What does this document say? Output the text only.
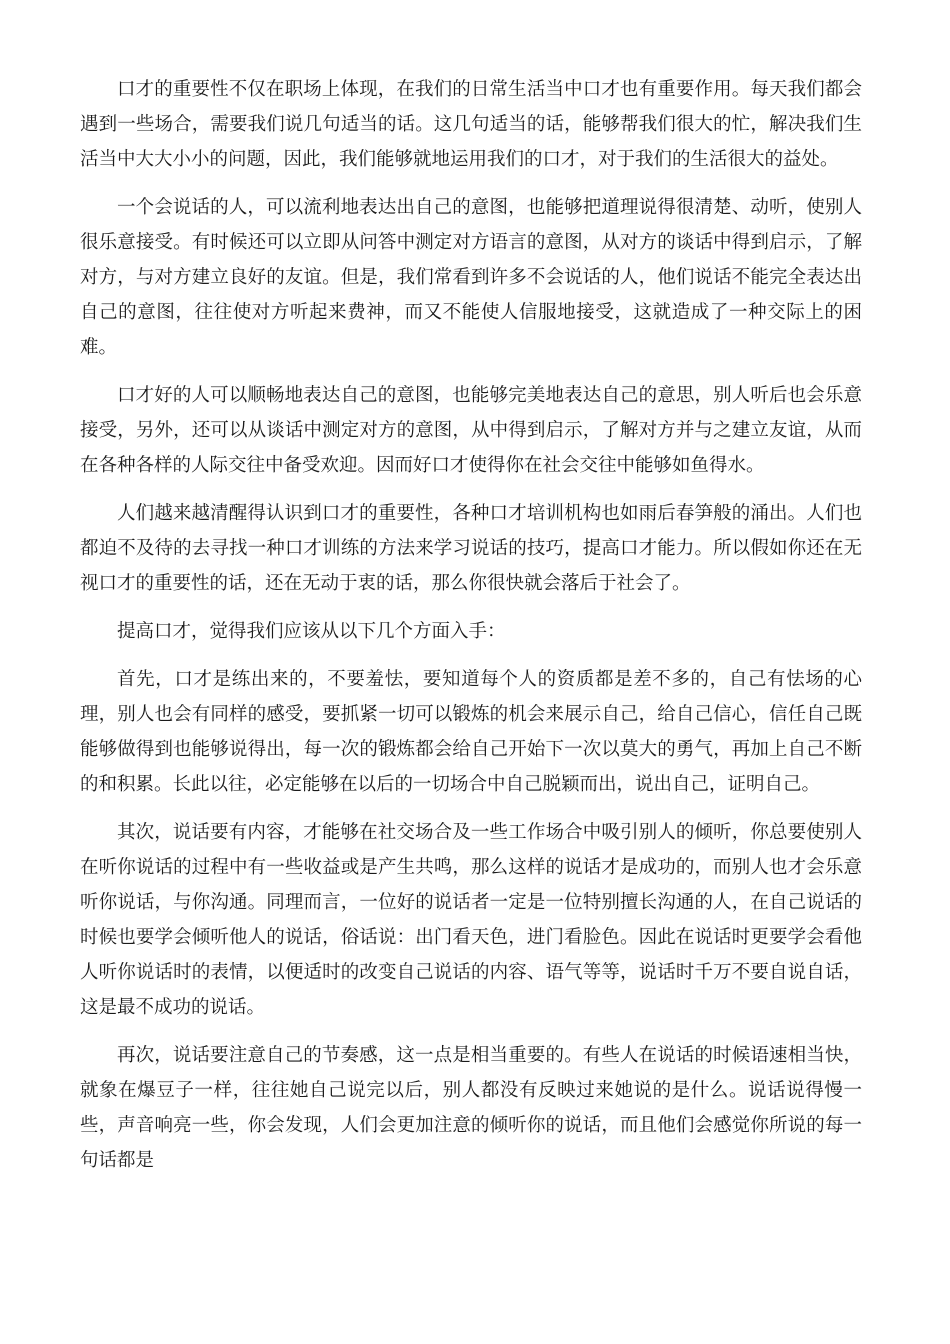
口才的重要性不仅在职场上体现，在我们的日常生活当中口才也有重要作用。每天我们都会遇到一些场合，需要我们说几句适当的话。这几句适当的话，能够帮我们很大的忙，解决我们生活当中大大小小的问题，因此，我们能够就地运用我们的口才，对于我们的生活很大的益处。

一个会说话的人，可以流利地表达出自己的意图，也能够把道理说得很清楚、动听，使别人很乐意接受。有时候还可以立即从问答中测定对方语言的意图，从对方的谈话中得到启示，了解对方，与对方建立良好的友谊。但是，我们常看到许多不会说话的人，他们说话不能完全表达出自己的意图，往往使对方听起来费神，而又不能使人信服地接受，这就造成了一种交际上的困难。

口才好的人可以顺畅地表达自己的意图，也能够完美地表达自己的意思，别人听后也会乐意接受，另外，还可以从谈话中测定对方的意图，从中得到启示，了解对方并与之建立友谊，从而在各种各样的人际交往中备受欢迎。因而好口才使得你在社会交往中能够如鱼得水。

人们越来越清醒得认识到口才的重要性，各种口才培训机构也如雨后春笋般的涌出。人们也都迫不及待的去寻找一种口才训练的方法来学习说话的技巧，提高口才能力。所以假如你还在无视口才的重要性的话，还在无动于衷的话，那么你很快就会落后于社会了。

提高口才，觉得我们应该从以下几个方面入手：

首先，口才是练出来的，不要羞怯，要知道每个人的资质都是差不多的，自己有怯场的心理，别人也会有同样的感受，要抓紧一切可以锻炼的机会来展示自己，给自己信心，信任自己既能够做得到也能够说得出，每一次的锻炼都会给自己开始下一次以莫大的勇气，再加上自己不断的和积累。长此以往，必定能够在以后的一切场合中自己脱颖而出，说出自己，证明自己。

其次，说话要有内容，才能够在社交场合及一些工作场合中吸引别人的倾听，你总要使别人在听你说话的过程中有一些收益或是产生共鸣，那么这样的说话才是成功的，而别人也才会乐意听你说话，与你沟通。同理而言，一位好的说话者一定是一位特别擅长沟通的人，在自己说话的时候也要学会倾听他人的说话，俗话说：出门看天色，进门看脸色。因此在说话时更要学会看他人听你说话时的表情，以便适时的改变自己说话的内容、语气等等，说话时千万不要自说自话，这是最不成功的说话。

再次，说话要注意自己的节奏感，这一点是相当重要的。有些人在说话的时候语速相当快，就象在爆豆子一样，往往她自己说完以后，别人都没有反映过来她说的是什么。说话说得慢一些，声音响亮一些，你会发现，人们会更加注意的倾听你的说话，而且他们会感觉你所说的每一句话都是
